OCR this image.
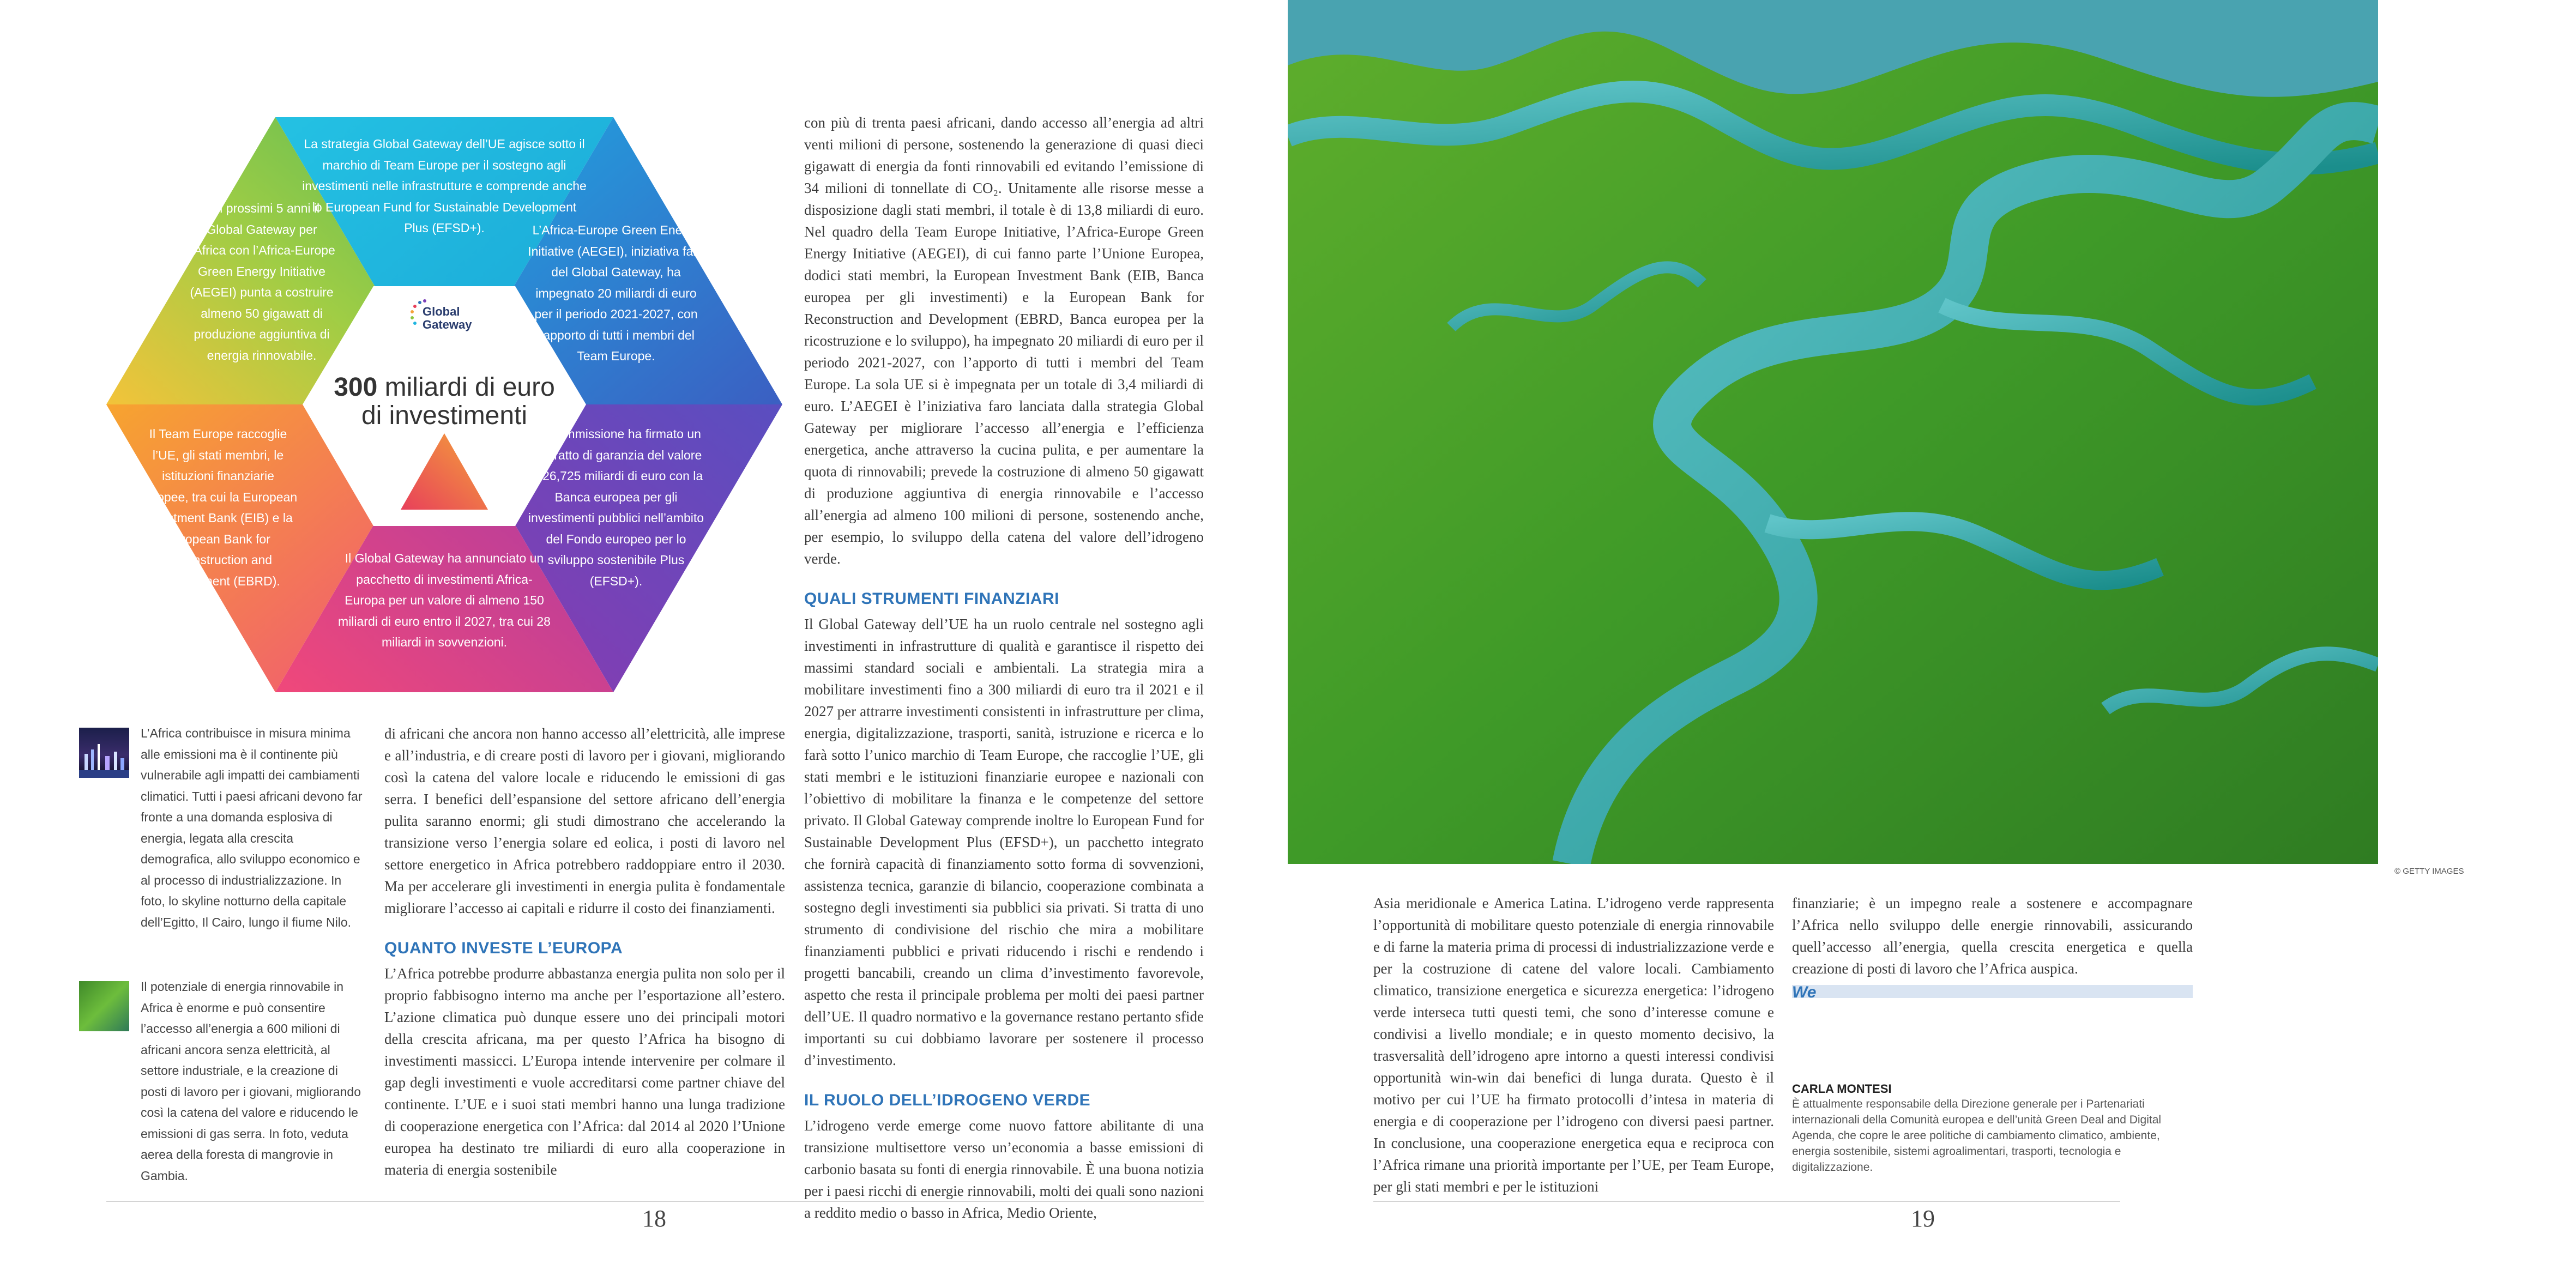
Global
Gateway
300 miliardi di euro
di investimenti
La strategia Global Gateway dell’UE agisce sotto il marchio di Team Europe per il sostegno agli investimenti nelle infrastrutture e comprende anche lo European Fund for Sustainable Development Plus (EFSD+).	L’Africa-Europe Green Energy Initiative (AEGEI), iniziativa faro del Global Gateway, ha impegnato 20 miliardi di euro per il periodo 2021-2027, con l’apporto di tutti i membri del Team Europe.
La Commissione ha firmato un contratto di garanzia del valore di 26,725 miliardi di euro con la Banca europea per gli investimenti pubblici nell’ambito del Fondo europeo per lo sviluppo sostenibile Plus (EFSD+).
Il Global Gateway ha annunciato un pacchetto di investimenti Africa-Europa per un valore di almeno 150 miliardi di euro entro il 2027, tra cui 28 miliardi in sovvenzioni.
Il Team Europe raccoglie l’UE, gli stati membri, le istituzioni finanziarie europee, tra cui la European Investment Bank (EIB) e la European Bank for Reconstruction and Development (EBRD).
Nei prossimi 5 anni il Global Gateway per l’Africa con l’Africa-Europe Green Energy Initiative (AEGEI) punta a costruire almeno 50 gigawatt di produzione aggiuntiva di energia rinnovabile.
L’Africa contribuisce in misura minima alle emissioni ma è il continente più vulnerabile agli impatti dei cambiamenti climatici. Tutti i paesi africani devono far fronte a una domanda esplosiva di energia, legata alla crescita demografica, allo sviluppo economico e al processo di industrializzazione. In foto, lo skyline notturno della capitale dell’Egitto, Il Cairo, lungo il fiume Nilo.
Il potenziale di energia rinnovabile in Africa è enorme e può consentire l’accesso all’energia a 600 milioni di africani ancora senza elettricità, al settore industriale, e la creazione di posti di lavoro per i giovani, migliorando così la catena del valore e riducendo le emissioni di gas serra. In foto, veduta aerea della foresta di mangrovie in Gambia.

di africani che ancora non hanno accesso all’elettricità, alle imprese e all’industria, e di creare posti di lavoro per i giovani, migliorando così la catena del valore locale e riducendo le emissioni di gas serra. I benefici dell’espansione del settore africano dell’energia pulita saranno enormi; gli studi dimostrano che accelerando la transizione verso l’energia solare ed eolica, i posti di lavoro nel settore energetico in Africa potrebbero raddoppiare entro il 2030. Ma per accelerare gli investimenti in energia pulita è fondamentale migliorare l’accesso ai capitali e ridurre il costo dei finanziamenti.

QUANTO INVESTE L’EUROPA

L’Africa potrebbe produrre abbastanza energia pulita non solo per il proprio fabbisogno interno ma anche per l’esportazione all’estero. L’azione climatica può dunque essere uno dei principali motori della crescita africana, ma per questo l’Africa ha bisogno di investimenti massicci. L’Europa intende intervenire per colmare il gap degli investimenti e vuole accreditarsi come partner chiave del continente. L’UE e i suoi stati membri hanno una lunga tradizione di cooperazione energetica con l’Africa: dal 2014 al 2020 l’Unione europea ha destinato tre miliardi di euro alla cooperazione in materia di energia sostenibile

con più di trenta paesi africani, dando accesso all’energia ad altri venti milioni di persone, sostenendo la generazione di quasi dieci gigawatt di energia da fonti rinnovabili ed evitando l’emissione di 34 milioni di tonnellate di CO₂. Unitamente alle risorse messe a disposizione dagli stati membri, il totale è di 13,8 miliardi di euro. Nel quadro della Team Europe Initiative, l’Africa-Europe Green Energy Initiative (AEGEI), di cui fanno parte l’Unione Europea, dodici stati membri, la European Investment Bank (EIB, Banca europea per gli investimenti) e la European Bank for Reconstruction and Development (EBRD, Banca europea per la ricostruzione e lo sviluppo), ha impegnato 20 miliardi di euro per il periodo 2021-2027, con l’apporto di tutti i membri del Team Europe. La sola UE si è impegnata per un totale di 3,4 miliardi di euro. L’AEGEI è l’iniziativa faro lanciata dalla strategia Global Gateway per migliorare l’accesso all’energia e l’efficienza energetica, anche attraverso la cucina pulita, e per aumentare la quota di rinnovabili; prevede la costruzione di almeno 50 gigawatt di produzione aggiuntiva di energia rinnovabile e l’accesso all’energia ad almeno 100 milioni di persone, sostenendo anche, per esempio, lo sviluppo della catena del valore dell’idrogeno verde.

QUALI STRUMENTI FINANZIARI

Il Global Gateway dell’UE ha un ruolo centrale nel sostegno agli investimenti in infrastrutture di qualità e garantisce il rispetto dei massimi standard sociali e ambientali. La strategia mira a mobilitare investimenti fino a 300 miliardi di euro tra il 2021 e il 2027 per attrarre investimenti consistenti in infrastrutture per clima, energia, digitalizzazione, trasporti, sanità, istruzione e ricerca e lo farà sotto l’unico marchio di Team Europe, che raccoglie l’UE, gli stati membri e le istituzioni finanziarie europee e nazionali con l’obiettivo di mobilitare la finanza e le competenze del settore privato. Il Global Gateway comprende inoltre lo European Fund for Sustainable Development Plus (EFSD+), un pacchetto integrato che fornirà capacità di finanziamento sotto forma di sovvenzioni, assistenza tecnica, garanzie di bilancio, cooperazione combinata a sostegno degli investimenti sia pubblici sia privati. Si tratta di uno strumento di condivisione del rischio che mira a mobilitare finanziamenti pubblici e privati riducendo i rischi e rendendo i progetti bancabili, creando un clima d’investimento favorevole, aspetto che resta il principale problema per molti dei paesi partner dell’UE. Il quadro normativo e la governance restano pertanto sfide importanti su cui dobbiamo lavorare per sostenere il processo d’investimento.

IL RUOLO DELL’IDROGENO VERDE

L’idrogeno verde emerge come nuovo fattore abilitante di una transizione multisettore verso un’economia a basse emissioni di carbonio basata su fonti di energia rinnovabile. È una buona notizia per i paesi ricchi di energie rinnovabili, molti dei quali sono nazioni a reddito medio o basso in Africa, Medio Oriente,

18
© GETTY IMAGES

Asia meridionale e America Latina. L’idrogeno verde rappresenta l’opportunità di mobilitare questo potenziale di energia rinnovabile e di farne la materia prima di processi di industrializzazione verde e per la costruzione di catene del valore locali. Cambiamento climatico, transizione energetica e sicurezza energetica: l’idrogeno verde interseca tutti questi temi, che sono d’interesse comune e condivisi a livello mondiale; e in questo momento decisivo, la trasversalità dell’idrogeno apre intorno a questi interessi condivisi opportunità win-win dai benefici di lunga durata. Questo è il motivo per cui l’UE ha firmato protocolli d’intesa in materia di energia e di cooperazione per l’idrogeno con diversi paesi partner. In conclusione, una cooperazione energetica equa e reciproca con l’Africa rimane una priorità importante per l’UE, per Team Europe, per gli stati membri e per le istituzioni

finanziarie; è un impegno reale a sostenere e accompagnare l’Africa nello sviluppo delle energie rinnovabili, assicurando quell’accesso all’energia, quella crescita energetica e quella creazione di posti di lavoro che l’Africa auspica.

We
CARLA MONTESI
È attualmente responsabile della Direzione generale per i Partenariati internazionali della Comunità europea e dell’unità Green Deal and Digital Agenda, che copre le aree politiche di cambiamento climatico, ambiente, energia sostenibile, sistemi agroalimentari, trasporti, tecnologia e digitalizzazione.
19
